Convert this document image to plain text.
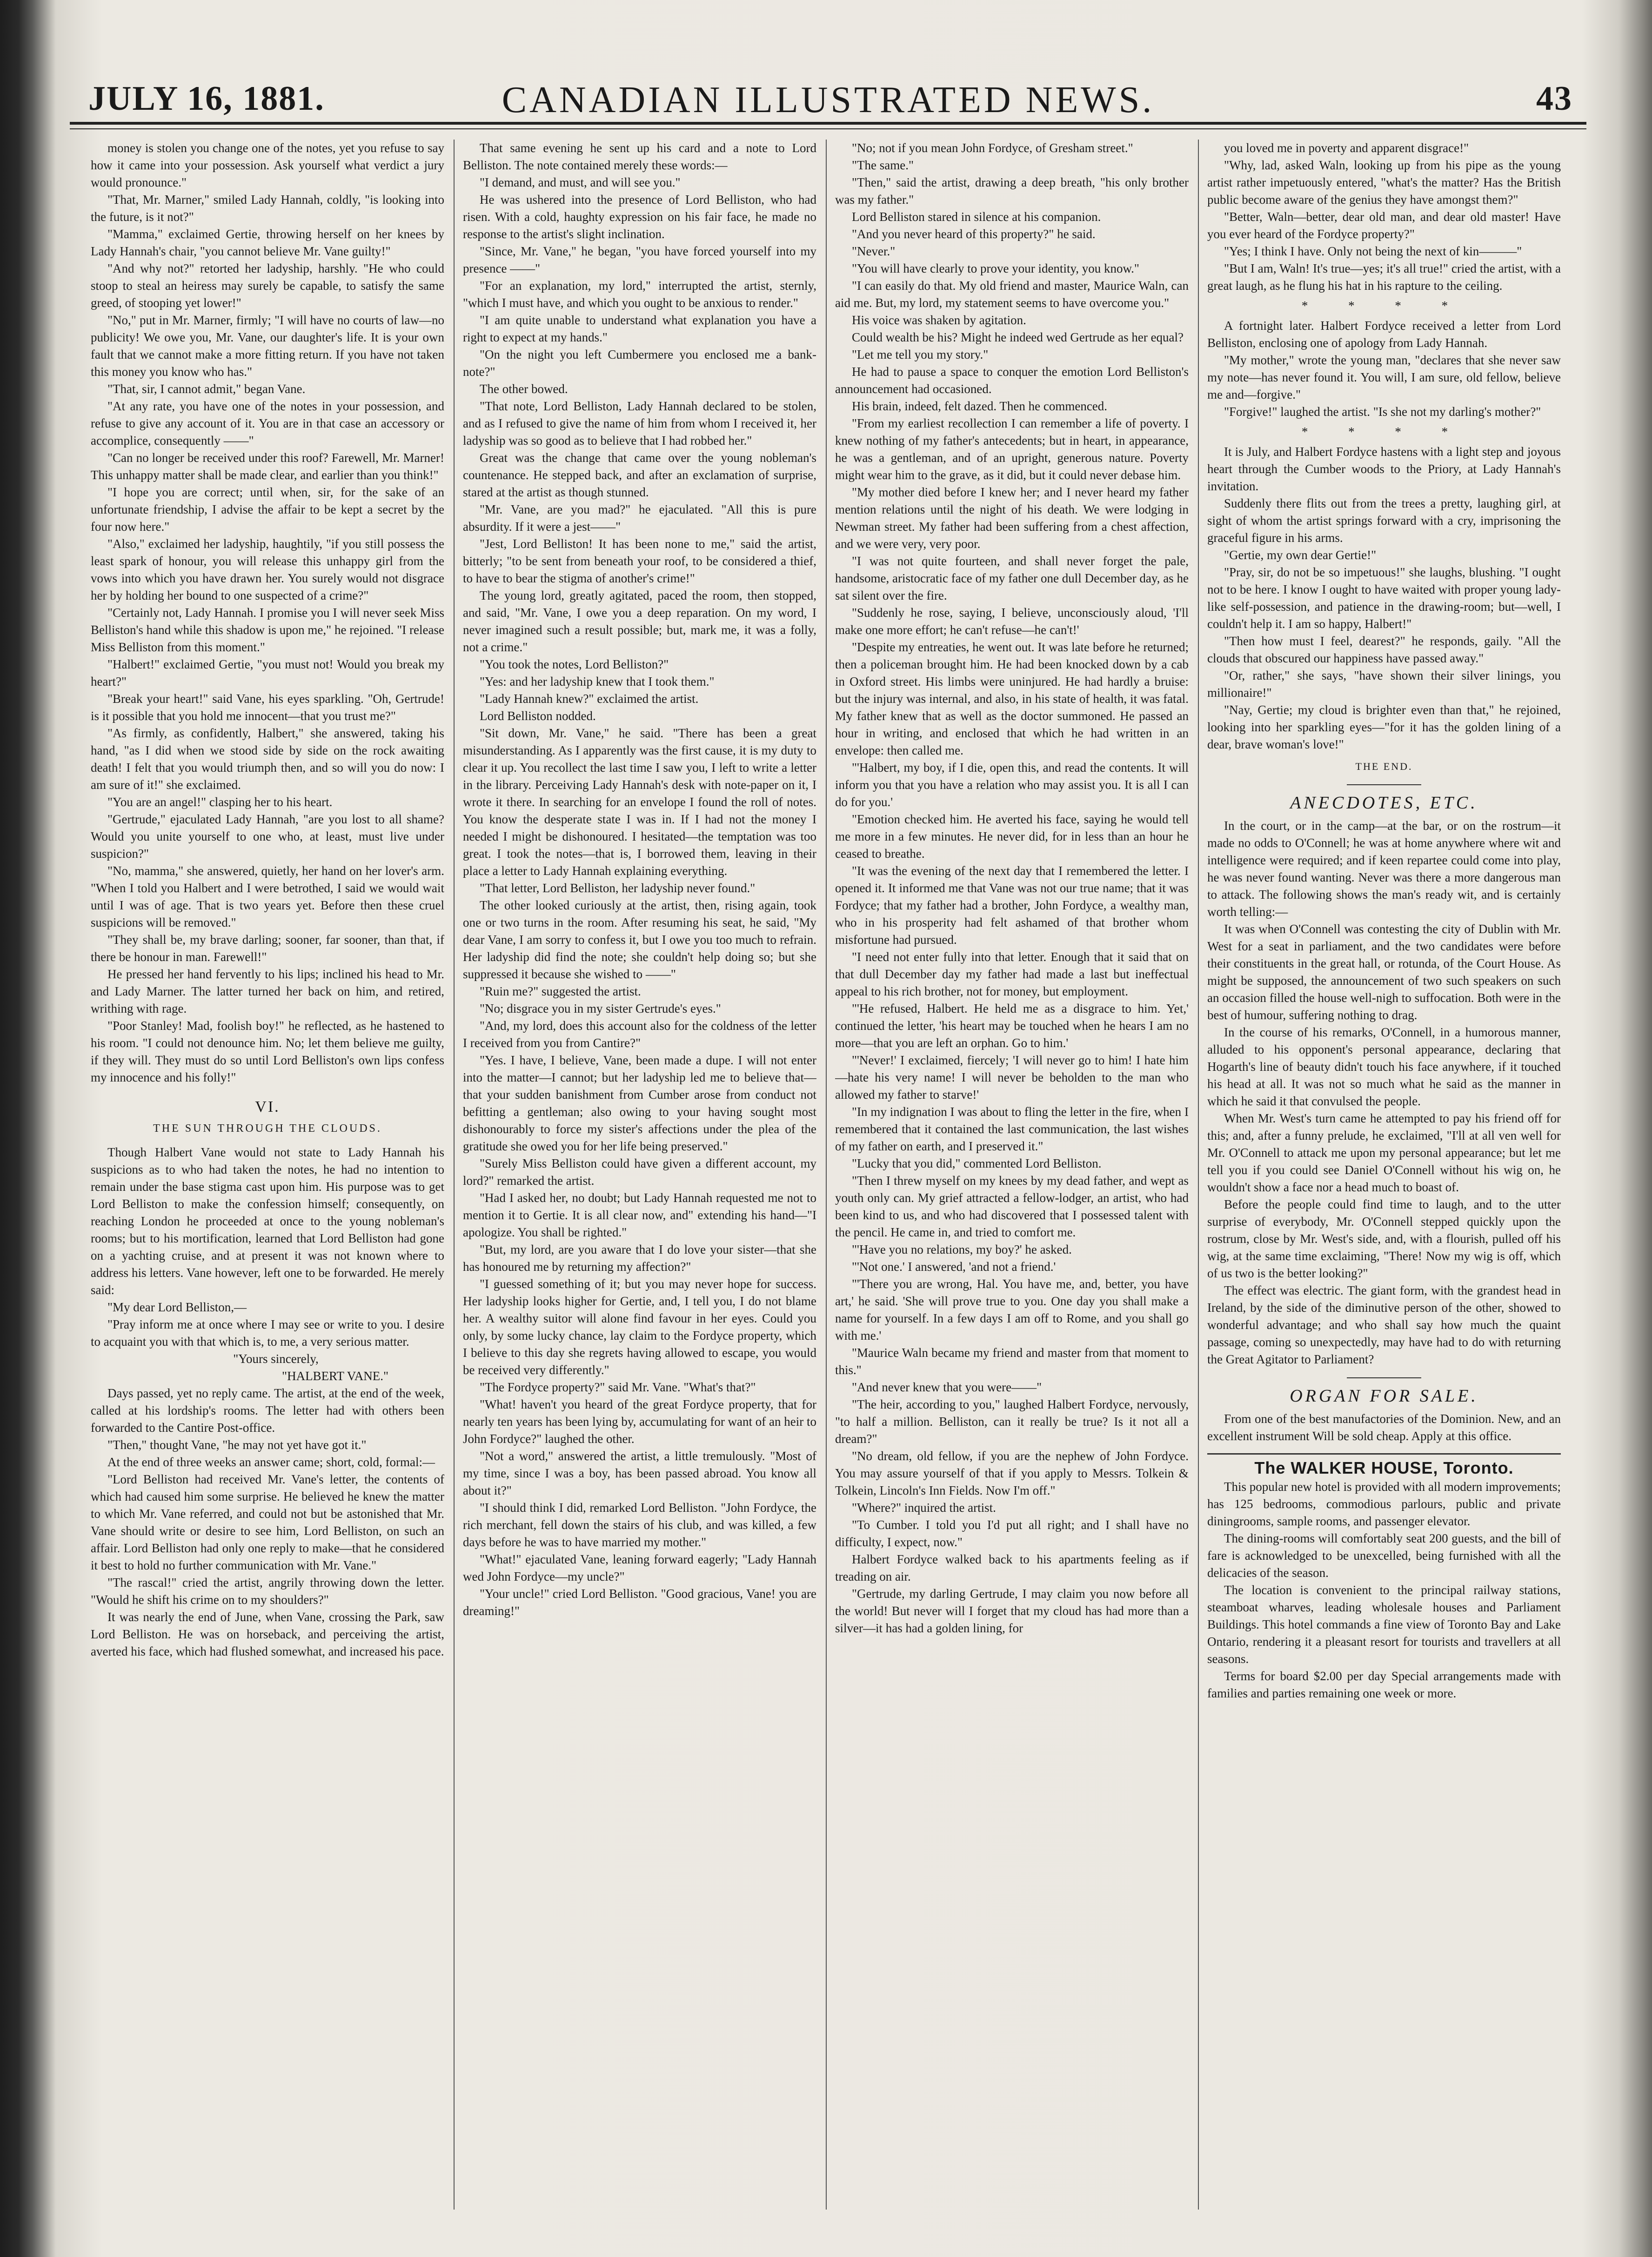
JULY 16, 1881.	CANADIAN ILLUSTRATED NEWS.	43

money is stolen you change one of the notes, yet you refuse to say how it came into your possession. Ask yourself what verdict a jury would pronounce."

"That, Mr. Marner," smiled Lady Hannah, coldly, "is looking into the future, is it not?"

"Mamma," exclaimed Gertie, throwing herself on her knees by Lady Hannah's chair, "you cannot believe Mr. Vane guilty!"

"And why not?" retorted her ladyship, harshly. "He who could stoop to steal an heiress may surely be capable, to satisfy the same greed, of stooping yet lower!"

"No," put in Mr. Marner, firmly; "I will have no courts of law—no publicity! We owe you, Mr. Vane, our daughter's life. It is your own fault that we cannot make a more fitting return. If you have not taken this money you know who has."

"That, sir, I cannot admit," began Vane.

"At any rate, you have one of the notes in your possession, and refuse to give any account of it. You are in that case an accessory or accomplice, consequently ——"

"Can no longer be received under this roof? Farewell, Mr. Marner! This unhappy matter shall be made clear, and earlier than you think!"

"I hope you are correct; until when, sir, for the sake of an unfortunate friendship, I advise the affair to be kept a secret by the four now here."

"Also," exclaimed her ladyship, haughtily, "if you still possess the least spark of honour, you will release this unhappy girl from the vows into which you have drawn her. You surely would not disgrace her by holding her bound to one suspected of a crime?"

"Certainly not, Lady Hannah. I promise you I will never seek Miss Belliston's hand while this shadow is upon me," he rejoined. "I release Miss Belliston from this moment."

"Halbert!" exclaimed Gertie, "you must not! Would you break my heart?"

"Break your heart!" said Vane, his eyes sparkling. "Oh, Gertrude! is it possible that you hold me innocent—that you trust me?"

"As firmly, as confidently, Halbert," she answered, taking his hand, "as I did when we stood side by side on the rock awaiting death! I felt that you would triumph then, and so will you do now: I am sure of it!" she exclaimed.

"You are an angel!" clasping her to his heart.

"Gertrude," ejaculated Lady Hannah, "are you lost to all shame? Would you unite yourself to one who, at least, must live under suspicion?"

"No, mamma," she answered, quietly, her hand on her lover's arm. "When I told you Halbert and I were betrothed, I said we would wait until I was of age. That is two years yet. Before then these cruel suspicions will be removed."

"They shall be, my brave darling; sooner, far sooner, than that, if there be honour in man. Farewell!"

He pressed her hand fervently to his lips; inclined his head to Mr. and Lady Marner. The latter turned her back on him, and retired, writhing with rage.

"Poor Stanley! Mad, foolish boy!" he reflected, as he hastened to his room. "I could not denounce him. No; let them believe me guilty, if they will. They must do so until Lord Belliston's own lips confess my innocence and his folly!"

VI.
THE SUN THROUGH THE CLOUDS.

Though Halbert Vane would not state to Lady Hannah his suspicions as to who had taken the notes, he had no intention to remain under the base stigma cast upon him. His purpose was to get Lord Belliston to make the confession himself; consequently, on reaching London he proceeded at once to the young nobleman's rooms; but to his mortification, learned that Lord Belliston had gone on a yachting cruise, and at present it was not known where to address his letters. Vane however, left one to be forwarded. He merely said:

"My dear Lord Belliston,—

"Pray inform me at once where I may see or write to you. I desire to acquaint you with that which is, to me, a very serious matter.

"Yours sincerely,

"HALBERT VANE."

Days passed, yet no reply came. The artist, at the end of the week, called at his lordship's rooms. The letter had with others been forwarded to the Cantire Post-office.

"Then," thought Vane, "he may not yet have got it."

At the end of three weeks an answer came; short, cold, formal:—

"Lord Belliston had received Mr. Vane's letter, the contents of which had caused him some surprise. He believed he knew the matter to which Mr. Vane referred, and could not but be astonished that Mr. Vane should write or desire to see him, Lord Belliston, on such an affair. Lord Belliston had only one reply to make—that he considered it best to hold no further communication with Mr. Vane."

"The rascal!" cried the artist, angrily throwing down the letter. "Would he shift his crime on to my shoulders?"

It was nearly the end of June, when Vane, crossing the Park, saw Lord Belliston. He was on horseback, and perceiving the artist, averted his face, which had flushed somewhat, and increased his pace.

That same evening he sent up his card and a note to Lord Belliston. The note contained merely these words:—

"I demand, and must, and will see you."

He was ushered into the presence of Lord Belliston, who had risen. With a cold, haughty expression on his fair face, he made no response to the artist's slight inclination.

"Since, Mr. Vane," he began, "you have forced yourself into my presence ——"

"For an explanation, my lord," interrupted the artist, sternly, "which I must have, and which you ought to be anxious to render."

"I am quite unable to understand what explanation you have a right to expect at my hands."

"On the night you left Cumbermere you enclosed me a bank-note?"

The other bowed.

"That note, Lord Belliston, Lady Hannah declared to be stolen, and as I refused to give the name of him from whom I received it, her ladyship was so good as to believe that I had robbed her."

Great was the change that came over the young nobleman's countenance. He stepped back, and after an exclamation of surprise, stared at the artist as though stunned.

"Mr. Vane, are you mad?" he ejaculated. "All this is pure absurdity. If it were a jest——"

"Jest, Lord Belliston! It has been none to me," said the artist, bitterly; "to be sent from beneath your roof, to be considered a thief, to have to bear the stigma of another's crime!"

The young lord, greatly agitated, paced the room, then stopped, and said, "Mr. Vane, I owe you a deep reparation. On my word, I never imagined such a result possible; but, mark me, it was a folly, not a crime."

"You took the notes, Lord Belliston?"

"Yes: and her ladyship knew that I took them."

"Lady Hannah knew?" exclaimed the artist.

Lord Belliston nodded.

"Sit down, Mr. Vane," he said. "There has been a great misunderstanding. As I apparently was the first cause, it is my duty to clear it up. You recollect the last time I saw you, I left to write a letter in the library. Perceiving Lady Hannah's desk with note-paper on it, I wrote it there. In searching for an envelope I found the roll of notes. You know the desperate state I was in. If I had not the money I needed I might be dishonoured. I hesitated—the temptation was too great. I took the notes—that is, I borrowed them, leaving in their place a letter to Lady Hannah explaining everything.

"That letter, Lord Belliston, her ladyship never found."

The other looked curiously at the artist, then, rising again, took one or two turns in the room. After resuming his seat, he said, "My dear Vane, I am sorry to confess it, but I owe you too much to refrain. Her ladyship did find the note; she couldn't help doing so; but she suppressed it because she wished to ——"

"Ruin me?" suggested the artist.

"No; disgrace you in my sister Gertrude's eyes."

"And, my lord, does this account also for the coldness of the letter I received from you from Cantire?"

"Yes. I have, I believe, Vane, been made a dupe. I will not enter into the matter—I cannot; but her ladyship led me to believe that—that your sudden banishment from Cumber arose from conduct not befitting a gentleman; also owing to your having sought most dishonourably to force my sister's affections under the plea of the gratitude she owed you for her life being preserved."

"Surely Miss Belliston could have given a different account, my lord?" remarked the artist.

"Had I asked her, no doubt; but Lady Hannah requested me not to mention it to Gertie. It is all clear now, and" extending his hand—"I apologize. You shall be righted."

"But, my lord, are you aware that I do love your sister—that she has honoured me by returning my affection?"

"I guessed something of it; but you may never hope for success. Her ladyship looks higher for Gertie, and, I tell you, I do not blame her. A wealthy suitor will alone find favour in her eyes. Could you only, by some lucky chance, lay claim to the Fordyce property, which I believe to this day she regrets having allowed to escape, you would be received very differently."

"The Fordyce property?" said Mr. Vane. "What's that?"

"What! haven't you heard of the great Fordyce property, that for nearly ten years has been lying by, accumulating for want of an heir to John Fordyce?" laughed the other.

"Not a word," answered the artist, a little tremulously. "Most of my time, since I was a boy, has been passed abroad. You know all about it?"

"I should think I did, remarked Lord Belliston. "John Fordyce, the rich merchant, fell down the stairs of his club, and was killed, a few days before he was to have married my mother."

"What!" ejaculated Vane, leaning forward eagerly; "Lady Hannah wed John Fordyce—my uncle?"

"Your uncle!" cried Lord Belliston. "Good gracious, Vane! you are dreaming!"

"No; not if you mean John Fordyce, of Gresham street."

"The same."

"Then," said the artist, drawing a deep breath, "his only brother was my father."

Lord Belliston stared in silence at his companion.

"And you never heard of this property?" he said.

"Never."

"You will have clearly to prove your identity, you know."

"I can easily do that. My old friend and master, Maurice Waln, can aid me. But, my lord, my statement seems to have overcome you."

His voice was shaken by agitation.

Could wealth be his? Might he indeed wed Gertrude as her equal?

"Let me tell you my story."

He had to pause a space to conquer the emotion Lord Belliston's announcement had occasioned.

His brain, indeed, felt dazed. Then he commenced.

"From my earliest recollection I can remember a life of poverty. I knew nothing of my father's antecedents; but in heart, in appearance, he was a gentleman, and of an upright, generous nature. Poverty might wear him to the grave, as it did, but it could never debase him.

"My mother died before I knew her; and I never heard my father mention relations until the night of his death. We were lodging in Newman street. My father had been suffering from a chest affection, and we were very, very poor.

"I was not quite fourteen, and shall never forget the pale, handsome, aristocratic face of my father one dull December day, as he sat silent over the fire.

"Suddenly he rose, saying, I believe, unconsciously aloud, 'I'll make one more effort; he can't refuse—he can't!'

"Despite my entreaties, he went out. It was late before he returned; then a policeman brought him. He had been knocked down by a cab in Oxford street. His limbs were uninjured. He had hardly a bruise: but the injury was internal, and also, in his state of health, it was fatal. My father knew that as well as the doctor summoned. He passed an hour in writing, and enclosed that which he had written in an envelope: then called me.

"'Halbert, my boy, if I die, open this, and read the contents. It will inform you that you have a relation who may assist you. It is all I can do for you.'

"Emotion checked him. He averted his face, saying he would tell me more in a few minutes. He never did, for in less than an hour he ceased to breathe.

"It was the evening of the next day that I remembered the letter. I opened it. It informed me that Vane was not our true name; that it was Fordyce; that my father had a brother, John Fordyce, a wealthy man, who in his prosperity had felt ashamed of that brother whom misfortune had pursued.

"I need not enter fully into that letter. Enough that it said that on that dull December day my father had made a last but ineffectual appeal to his rich brother, not for money, but employment.

"'He refused, Halbert. He held me as a disgrace to him. Yet,' continued the letter, 'his heart may be touched when he hears I am no more—that you are left an orphan. Go to him.'

"'Never!' I exclaimed, fiercely; 'I will never go to him! I hate him—hate his very name! I will never be beholden to the man who allowed my father to starve!'

"In my indignation I was about to fling the letter in the fire, when I remembered that it contained the last communication, the last wishes of my father on earth, and I preserved it."

"Lucky that you did," commented Lord Belliston.

"Then I threw myself on my knees by my dead father, and wept as youth only can. My grief attracted a fellow-lodger, an artist, who had been kind to us, and who had discovered that I possessed talent with the pencil. He came in, and tried to comfort me.

"'Have you no relations, my boy?' he asked.

"'Not one.' I answered, 'and not a friend.'

"'There you are wrong, Hal. You have me, and, better, you have art,' he said. 'She will prove true to you. One day you shall make a name for yourself. In a few days I am off to Rome, and you shall go with me.'

"Maurice Waln became my friend and master from that moment to this."

"And never knew that you were——"

"The heir, according to you," laughed Halbert Fordyce, nervously, "to half a million. Belliston, can it really be true? Is it not all a dream?"

"No dream, old fellow, if you are the nephew of John Fordyce. You may assure yourself of that if you apply to Messrs. Tolkein & Tolkein, Lincoln's Inn Fields. Now I'm off."

"Where?" inquired the artist.

"To Cumber. I told you I'd put all right; and I shall have no difficulty, I expect, now."

Halbert Fordyce walked back to his apartments feeling as if treading on air.

"Gertrude, my darling Gertrude, I may claim you now before all the world! But never will I forget that my cloud has had more than a silver—it has had a golden lining, for

you loved me in poverty and apparent disgrace!"

"Why, lad, asked Waln, looking up from his pipe as the young artist rather impetuously entered, "what's the matter? Has the British public become aware of the genius they have amongst them?"

"Better, Waln—better, dear old man, and dear old master! Have you ever heard of the Fordyce property?"

"Yes; I think I have. Only not being the next of kin———"

"But I am, Waln! It's true—yes; it's all true!" cried the artist, with a great laugh, as he flung his hat in his rapture to the ceiling.

* * * *

A fortnight later. Halbert Fordyce received a letter from Lord Belliston, enclosing one of apology from Lady Hannah.

"My mother," wrote the young man, "declares that she never saw my note—has never found it. You will, I am sure, old fellow, believe me and—forgive."

"Forgive!" laughed the artist. "Is she not my darling's mother?"

* * * *

It is July, and Halbert Fordyce hastens with a light step and joyous heart through the Cumber woods to the Priory, at Lady Hannah's invitation.

Suddenly there flits out from the trees a pretty, laughing girl, at sight of whom the artist springs forward with a cry, imprisoning the graceful figure in his arms.

"Gertie, my own dear Gertie!"

"Pray, sir, do not be so impetuous!" she laughs, blushing. "I ought not to be here. I know I ought to have waited with proper young lady-like self-possession, and patience in the drawing-room; but—well, I couldn't help it. I am so happy, Halbert!"

"Then how must I feel, dearest?" he responds, gaily. "All the clouds that obscured our happiness have passed away."

"Or, rather," she says, "have shown their silver linings, you millionaire!"

"Nay, Gertie; my cloud is brighter even than that," he rejoined, looking into her sparkling eyes—"for it has the golden lining of a dear, brave woman's love!"

THE END.
ANECDOTES, ETC.

In the court, or in the camp—at the bar, or on the rostrum—it made no odds to O'Connell; he was at home anywhere where wit and intelligence were required; and if keen repartee could come into play, he was never found wanting. Never was there a more dangerous man to attack. The following shows the man's ready wit, and is certainly worth telling:—

It was when O'Connell was contesting the city of Dublin with Mr. West for a seat in parliament, and the two candidates were before their constituents in the great hall, or rotunda, of the Court House. As might be supposed, the announcement of two such speakers on such an occasion filled the house well-nigh to suffocation. Both were in the best of humour, suffering nothing to drag.

In the course of his remarks, O'Connell, in a humorous manner, alluded to his opponent's personal appearance, declaring that Hogarth's line of beauty didn't touch his face anywhere, if it touched his head at all. It was not so much what he said as the manner in which he said it that convulsed the people.

When Mr. West's turn came he attempted to pay his friend off for this; and, after a funny prelude, he exclaimed, "I'll at all ven well for Mr. O'Connell to attack me upon my personal appearance; but let me tell you if you could see Daniel O'Connell without his wig on, he wouldn't show a face nor a head much to boast of.

Before the people could find time to laugh, and to the utter surprise of everybody, Mr. O'Connell stepped quickly upon the rostrum, close by Mr. West's side, and, with a flourish, pulled off his wig, at the same time exclaiming, "There! Now my wig is off, which of us two is the better looking?"

The effect was electric. The giant form, with the grandest head in Ireland, by the side of the diminutive person of the other, showed to wonderful advantage; and who shall say how much the quaint passage, coming so unexpectedly, may have had to do with returning the Great Agitator to Parliament?

ORGAN FOR SALE.

From one of the best manufactories of the Dominion. New, and an excellent instrument Will be sold cheap. Apply at this office.

The WALKER HOUSE, Toronto.

This popular new hotel is provided with all modern improvements; has 125 bedrooms, commodious parlours, public and private diningrooms, sample rooms, and passenger elevator.

The dining-rooms will comfortably seat 200 guests, and the bill of fare is acknowledged to be unexcelled, being furnished with all the delicacies of the season.

The location is convenient to the principal railway stations, steamboat wharves, leading wholesale houses and Parliament Buildings. This hotel commands a fine view of Toronto Bay and Lake Ontario, rendering it a pleasant resort for tourists and travellers at all seasons.

Terms for board $2.00 per day Special arrangements made with families and parties remaining one week or more.
